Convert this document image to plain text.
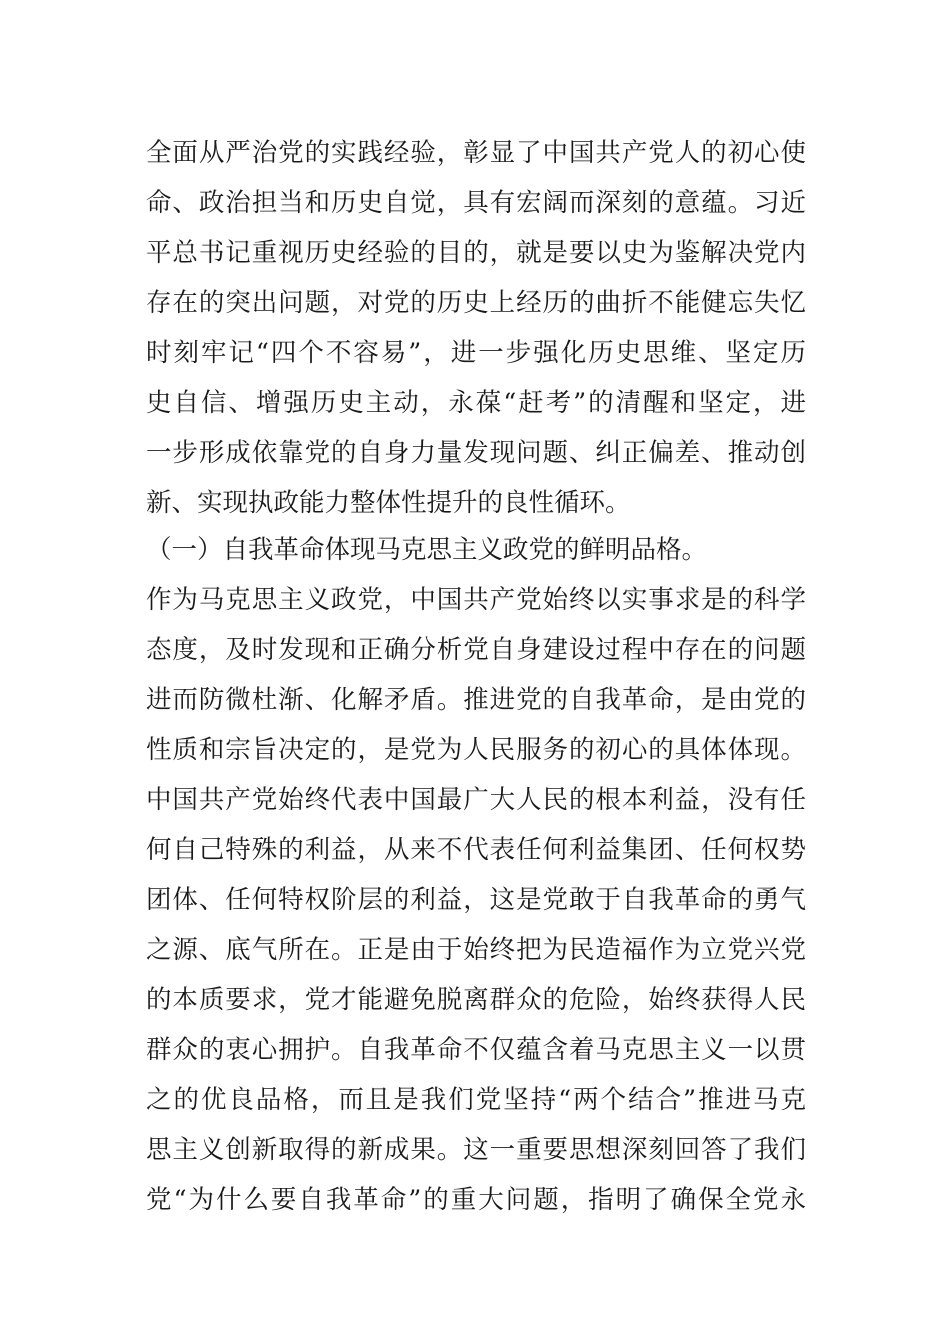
全面从严治党的实践经验，彰显了中国共产党人的初心使
命、政治担当和历史自觉，具有宏阔而深刻的意蕴。习近
平总书记重视历史经验的目的，就是要以史为鉴解决党内
存在的突出问题，对党的历史上经历的曲折不能健忘失忆
时刻牢记“四个不容易”，进一步强化历史思维、坚定历
史自信、增强历史主动，永葆“赶考”的清醒和坚定，进
一步形成依靠党的自身力量发现问题、纠正偏差、推动创
新、实现执政能力整体性提升的良性循环。
（一）自我革命体现马克思主义政党的鲜明品格。
作为马克思主义政党，中国共产党始终以实事求是的科学
态度，及时发现和正确分析党自身建设过程中存在的问题
进而防微杜渐、化解矛盾。推进党的自我革命，是由党的
性质和宗旨决定的，是党为人民服务的初心的具体体现。
中国共产党始终代表中国最广大人民的根本利益，没有任
何自己特殊的利益，从来不代表任何利益集团、任何权势
团体、任何特权阶层的利益，这是党敢于自我革命的勇气
之源、底气所在。正是由于始终把为民造福作为立党兴党
的本质要求，党才能避免脱离群众的危险，始终获得人民
群众的衷心拥护。自我革命不仅蕴含着马克思主义一以贯
之的优良品格，而且是我们党坚持“两个结合”推进马克
思主义创新取得的新成果。这一重要思想深刻回答了我们
党“为什么要自我革命”的重大问题，指明了确保全党永
